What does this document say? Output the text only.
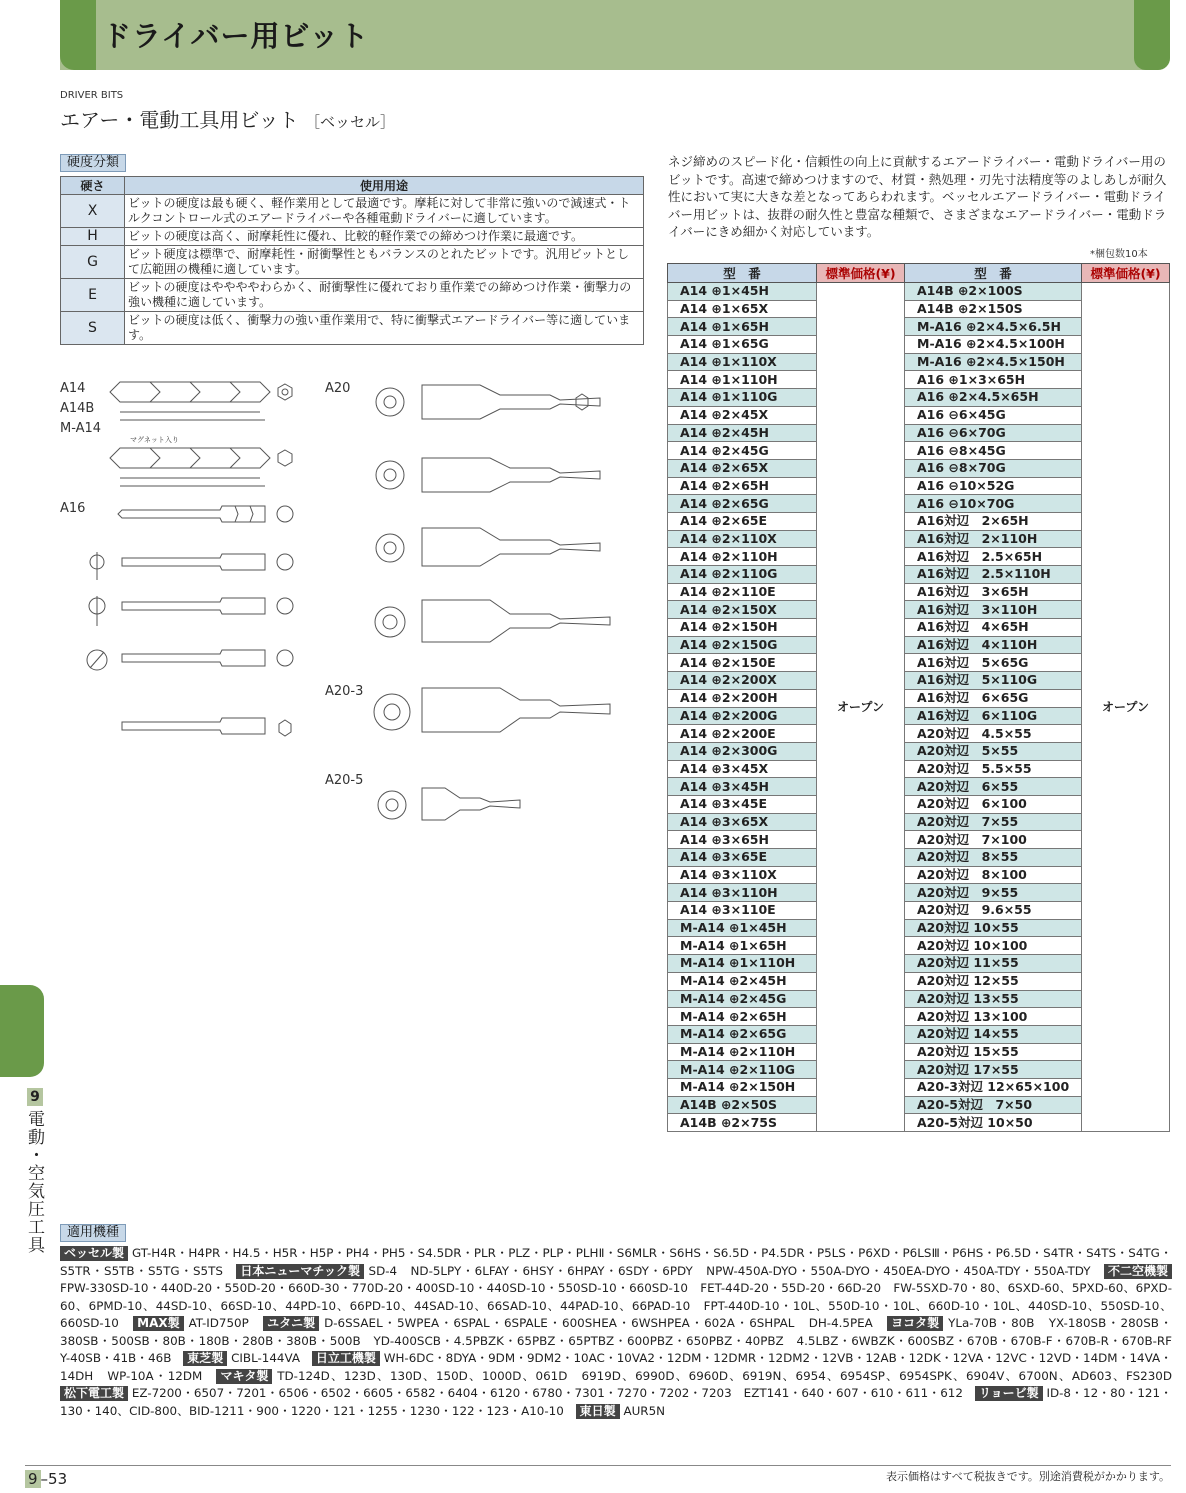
ドライバー用ビット
DRIVER BITS
エアー・電動工具用ビット ［ベッセル］
硬度分類
硬さ	使用用途
X	ビットの硬度は最も硬く、軽作業用として最適です。摩耗に対して非常に強いので減速式・トルクコントロール式のエアードライバーや各種電動ドライバーに適しています。
H	ビットの硬度は高く、耐摩耗性に優れ、比較的軽作業での締めつけ作業に最適です。
G	ビット硬度は標準で、耐摩耗性・耐衝撃性ともバランスのとれたビットです。汎用ビットとして広範囲の機種に適しています。
E	ビットの硬度はややややわらかく、耐衝撃性に優れており重作業での締めつけ作業・衝撃力の強い機種に適しています。
S	ビットの硬度は低く、衝撃力の強い重作業用で、特に衝撃式エアードライバー等に適しています。
ネジ締めのスピード化・信頼性の向上に貢献するエアードライバー・電動ドライバー用のビットです。高速で締めつけますので、材質・熱処理・刃先寸法精度等のよしあしが耐久性において実に大きな差となってあらわれます。ベッセルエアードライバー・電動ドライバー用ビットは、抜群の耐久性と豊富な種類で、さまざまなエアードライバー・電動ドライバーにきめ細かく対応しています。
*梱包数10本
型　番	標準価格(¥)	型　番	標準価格(¥)
A14 ⊕1×45H	オープン	A14B ⊕2×100S	オープン
A14 ⊕1×65X		A14B ⊕2×150S	
A14 ⊕1×65H		M-A16 ⊕2×4.5×6.5H	
A14 ⊕1×65G		M-A16 ⊕2×4.5×100H	
A14 ⊕1×110X		M-A16 ⊕2×4.5×150H	
A14 ⊕1×110H		A16 ⊕1×3×65H	
A14 ⊕1×110G		A16 ⊕2×4.5×65H	
A14 ⊕2×45X		A16 ⊖6×45G	
A14 ⊕2×45H		A16 ⊖6×70G	
A14 ⊕2×45G		A16 ⊖8×45G	
A14 ⊕2×65X		A16 ⊖8×70G	
A14 ⊕2×65H		A16 ⊖10×52G	
A14 ⊕2×65G		A16 ⊖10×70G	
A14 ⊕2×65E		A16対辺　2×65H	
A14 ⊕2×110X		A16対辺　2×110H	
A14 ⊕2×110H		A16対辺　2.5×65H	
A14 ⊕2×110G		A16対辺　2.5×110H	
A14 ⊕2×110E		A16対辺　3×65H	
A14 ⊕2×150X		A16対辺　3×110H	
A14 ⊕2×150H		A16対辺　4×65H	
A14 ⊕2×150G		A16対辺　4×110H	
A14 ⊕2×150E		A16対辺　5×65G	
A14 ⊕2×200X		A16対辺　5×110G	
A14 ⊕2×200H		A16対辺　6×65G	
A14 ⊕2×200G		A16対辺　6×110G	
A14 ⊕2×200E		A20対辺　4.5×55	
A14 ⊕2×300G		A20対辺　5×55	
A14 ⊕3×45X		A20対辺　5.5×55	
A14 ⊕3×45H		A20対辺　6×55	
A14 ⊕3×45E		A20対辺　6×100	
A14 ⊕3×65X		A20対辺　7×55	
A14 ⊕3×65H		A20対辺　7×100	
A14 ⊕3×65E		A20対辺　8×55	
A14 ⊕3×110X		A20対辺　8×100	
A14 ⊕3×110H		A20対辺　9×55	
A14 ⊕3×110E		A20対辺　9.6×55	
M-A14 ⊕1×45H		A20対辺 10×55	
M-A14 ⊕1×65H		A20対辺 10×100	
M-A14 ⊕1×110H		A20対辺 11×55	
M-A14 ⊕2×45H		A20対辺 12×55	
M-A14 ⊕2×45G		A20対辺 13×55	
M-A14 ⊕2×65H		A20対辺 13×100	
M-A14 ⊕2×65G		A20対辺 14×55	
M-A14 ⊕2×110H		A20対辺 15×55	
M-A14 ⊕2×110G		A20対辺 17×55	
M-A14 ⊕2×150H		A20-3対辺 12×65×100	
A14B ⊕2×50S		A20-5対辺　7×50	
A14B ⊕2×75S		A20-5対辺 10×50	
A14
A14B
M-A14
A16
A20
A20-3
A20-5
マグネット入り
適用機種
ベッセル製 GT-H4R・H4PR・H4.5・H5R・H5P・PH4・PH5・S4.5DR・PLR・PLZ・PLP・PLHⅡ・S6MLR・S6HS・S6.5D・P4.5DR・P5LS・P6XD・P6LSⅢ・P6HS・P6.5D・S4TR・S4TS・S4TG・S5TR・S5TB・S5TG・S5TS　 日本ニューマチック製 SD-4　ND-5LPY・6LFAY・6HSY・6HPAY・6SDY・6PDY　NPW-450A-DYO・550A-DYO・450EA-DYO・450A-TDY・550A-TDY　 不二空機製 FPW-330SD-10・440D-20・550D-20・660D-30・770D-20・400SD-10・440SD-10・550SD-10・660SD-10　FET-44D-20・55D-20・66D-20　FW-5SXD-70・80、6SXD-60、5PXD-60、6PXD-60、6PMD-10、44SD-10、66SD-10、44PD-10、66PD-10、44SAD-10、66SAD-10、44PAD-10、66PAD-10　FPT-440D-10・10L、550D-10・10L、660D-10・10L、440SD-10、550SD-10、660SD-10　 MAX製 AT-ID750P　 ユタニ製 D-6SSAEL・5WPEA・6SPAL・6SPALE・600SHEA・6WSHPEA・602A・6SHPAL　DH-4.5PEA　 ヨコタ製 YLa-70B・80B　YX-180SB・280SB・380SB・500SB・80B・180B・280B・380B・500B　YD-400SCB・4.5PBZK・65PBZ・65PTBZ・600PBZ・650PBZ・40PBZ　4.5LBZ・6WBZK・600SBZ・670B・670B-F・670B-R・670B-RF　Y-40SB・41B・46B　 東芝製 CIBL-144VA　 日立工機製 WH-6DC・8DYA・9DM・9DM2・10AC・10VA2・12DM・12DMR・12DM2・12VB・12AB・12DK・12VA・12VC・12VD・14DM・14VA・14DH　WP-10A・12DM　 マキタ製 TD-124D、123D、130D、150D、1000D、061D　6919D、6990D、6960D、6919N、6954、6954SP、6954SPK、6904V、6700N、AD603、FS230D　松下電工製 EZ-7200・6507・7201・6506・6502・6605・6582・6404・6120・6780・7301・7270・7202・7203　EZT141・640・607・610・611・612　 リョービ製 ID-8・12・80・121・130・140、CID-800、BID-1211・900・1220・121・1255・1230・122・123・A10-10　 東日製 AUR5N　
9
電動・空気圧工具
9 –53	表示価格はすべて税抜きです。別途消費税がかかります。
